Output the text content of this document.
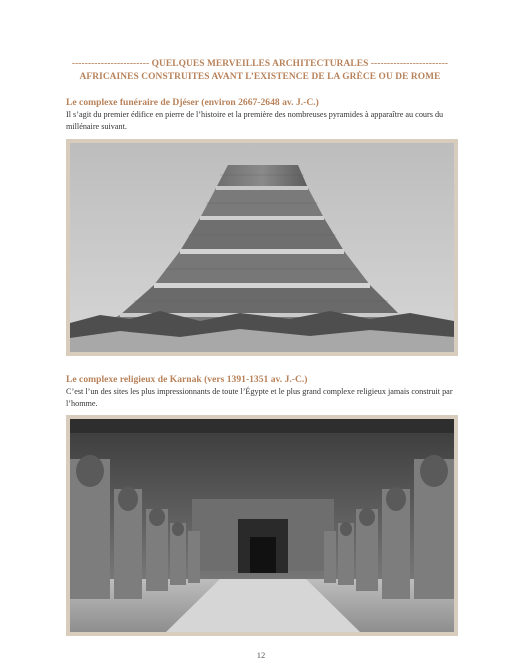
------------------------ QUELQUES MERVEILLES ARCHITECTURALES ------------------------
AFRICAINES CONSTRUITES AVANT L’EXISTENCE DE LA GRÈCE OU DE ROME
Le complexe funéraire de Djéser (environ 2667-2648 av. J.-C.)
Il s’agit du premier édifice en pierre de l’histoire et la première des nombreuses pyramides à apparaître au cours du millénaire suivant.
Le complexe religieux de Karnak (vers 1391-1351 av. J.-C.)
C’est l’un des sites les plus impressionnants de toute l’Égypte et le plus grand complexe religieux jamais construit par l’homme.
12
